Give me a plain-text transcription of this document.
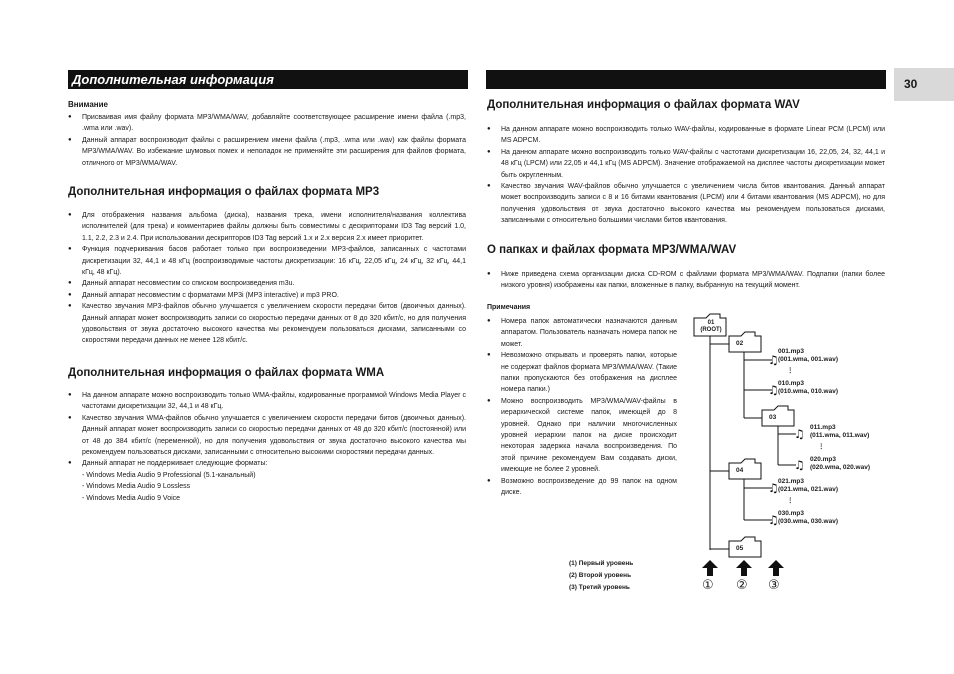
Дополнительная информация	30
Внимание
● Присваивая имя файлу формата MP3/WMA/WAV, добавляйте соответствующее расширение имени файла (.mp3, .wma или .wav).
● Данный аппарат воспроизводит файлы с расширением имени файла (.mp3, .wma или .wav) как файлы формата MP3/WMA/WAV. Во избежание шумовых помех и неполадок не применяйте эти расширения для файлов формата, отличного от MP3/WMA/WAV.
Дополнительная информация о файлах формата MP3
● Для отображения названия альбома (диска), названия трека, имени исполнителя/названия коллектива исполнителей (для трека) и комментариев файлы должны быть совместимы с дескрипторами ID3 Tag версий 1.0, 1.1, 2.2, 2.3 и 2.4. При использовании дескрипторов ID3 Tag версий 1.x и 2.x версия 2.x имеет приоритет.
● Функция подчеркивания басов работает только при воспроизведении MP3-файлов, записанных с частотами дискретизации 32, 44,1 и 48 кГц (воспроизводимые частоты дискретизации: 16 кГц, 22,05 кГц, 24 кГц, 32 кГц, 44,1 кГц, 48 кГц).
● Данный аппарат несовместим со списком воспроизведения m3u.
● Данный аппарат несовместим с форматами MP3i (MP3 interactive) и mp3 PRO.
● Качество звучания MP3-файлов обычно улучшается с увеличением скорости передачи битов (двоичных данных). Данный аппарат может воспроизводить записи со скоростью передачи данных от 8 до 320 кбит/с, но для получения удовольствия от звука достаточно высокого качества мы рекомендуем пользоваться дисками, записанными со скоростями передачи данных не менее 128 кбит/с.
Дополнительная информация о файлах формата WMA
● На данном аппарате можно воспроизводить только WMA-файлы, кодированные программой Windows Media Player с частотами дискретизации 32, 44,1 и 48 кГц.
● Качество звучания WMA-файлов обычно улучшается с увеличением скорости передачи битов (двоичных данных). Данный аппарат может воспроизводить записи со скоростью передачи данных от 48 до 320 кбит/с (постоянной) или от 48 до 384 кбит/с (переменной), но для получения удовольствия от звука достаточно высокого качества мы рекомендуем пользоваться дисками, записанными с относительно высокими скоростями передачи данных.
● Данный аппарат не поддерживает следующие форматы:
- Windows Media Audio 9 Professional (5.1-канальный)
- Windows Media Audio 9 Lossless
- Windows Media Audio 9 Voice
Дополнительная информация о файлах формата WAV
● На данном аппарате можно воспроизводить только WAV-файлы, кодированные в формате Linear PCM (LPCM) или MS ADPCM.
● На данном аппарате можно воспроизводить только WAV-файлы с частотами дискретизации 16, 22,05, 24, 32, 44,1 и 48 кГц (LPCM) или 22,05 и 44,1 кГц (MS ADPCM). Значение отображаемой на дисплее частоты дискретизации может быть округленным.
● Качество звучания WAV-файлов обычно улучшается с увеличением числа битов квантования. Данный аппарат может воспроизводить записи с 8 и 16 битами квантования (LPCM) или 4 битами квантования (MS ADPCM), но для получения удовольствия от звука достаточно высокого качества мы рекомендуем пользоваться дисками, записанными с относительно большими числами битов квантования.
О папках и файлах формата MP3/WMA/WAV
● Ниже приведена схема организации диска CD-ROM с файлами формата MP3/WMA/WAV. Подпапки (папки более низкого уровня) изображены как папки, вложенные в папку, выбранную на текущий момент.
Примечания
● Номера папок автоматически назначаются данным аппаратом. Пользователь назначать номера папок не может.
● Невозможно открывать и проверять папки, которые не содержат файлов формата MP3/WMA/WAV. (Такие папки пропускаются без отображения на дисплее номера папки.)
● Можно воспроизводить MP3/WMA/WAV-файлы в иерархической системе папок, имеющей до 8 уровней. Однако при наличии многочисленных уровней иерархии папок на диске происходит некоторая задержка начала воспроизведения. По этой причине рекомендуем Вам создавать диски, имеющие не более 2 уровней.
● Возможно воспроизведение до 99 папок на одном диске.
♫
♫
♫
♫
♫
♫
01
(ROOT)
02
03
04
05
001.mp3
(001.wma, 001.wav)
⋮
010.mp3
(010.wma, 010.wav)
011.mp3
(011.wma, 011.wav)
⋮
020.mp3
(020.wma, 020.wav)
021.mp3
(021.wma, 021.wav)
⋮
030.mp3
(030.wma, 030.wav)
(1) Первый уровень
(2) Второй уровень
(3) Третий уровень	① ② ③
